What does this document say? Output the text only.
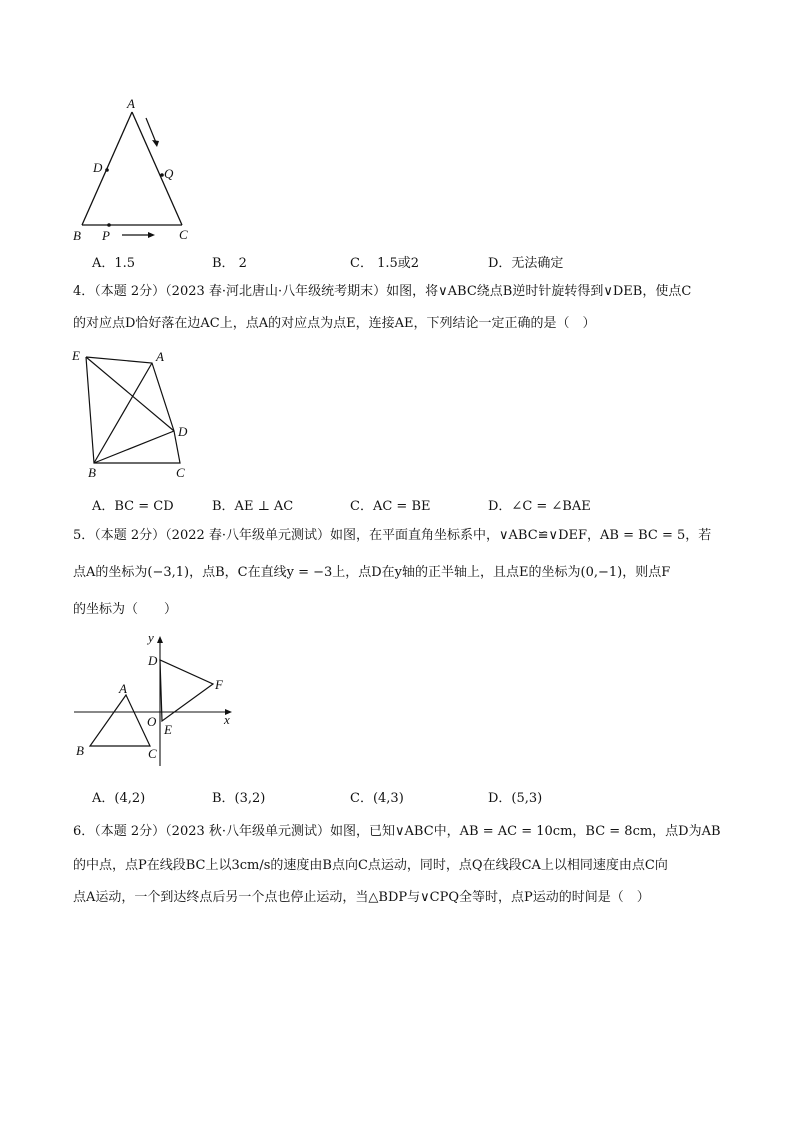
A
D	Q
B P	C
A．1.5	B． 2	C． 1.5或2	D．无法确定
4．（本题 2分）（2023 春·河北唐山·八年级统考期末）如图，将∨ABC绕点B逆时针旋转得到∨DEB，使点C
的对应点D恰好落在边AC上，点A的对应点为点E，连接AE，下列结论一定正确的是（　）
E	A
D
B	C
A．BC = CD	B．AE ⊥ AC	C．AC = BE	D．∠C = ∠BAE
5．（本题 2分）（2022 春·八年级单元测试）如图，在平面直角坐标系中，∨ABC≌∨DEF，AB = BC = 5，若
点A的坐标为(−3,1)，点B，C在直线y = −3上，点D在y轴的正半轴上，且点E的坐标为(0,−1)，则点F
的坐标为（　　）
y
x
O
D
F
E
A
B	C
A．(4,2)	B．(3,2)	C．(4,3)	D．(5,3)
6．（本题 2分）（2023 秋·八年级单元测试）如图，已知∨ABC中，AB = AC = 10cm，BC = 8cm，点D为AB
的中点，点P在线段BC上以3cm/s的速度由B点向C点运动，同时，点Q在线段CA上以相同速度由点C向
点A运动，一个到达终点后另一个点也停止运动，当△BDP与∨CPQ全等时，点P运动的时间是（　）
